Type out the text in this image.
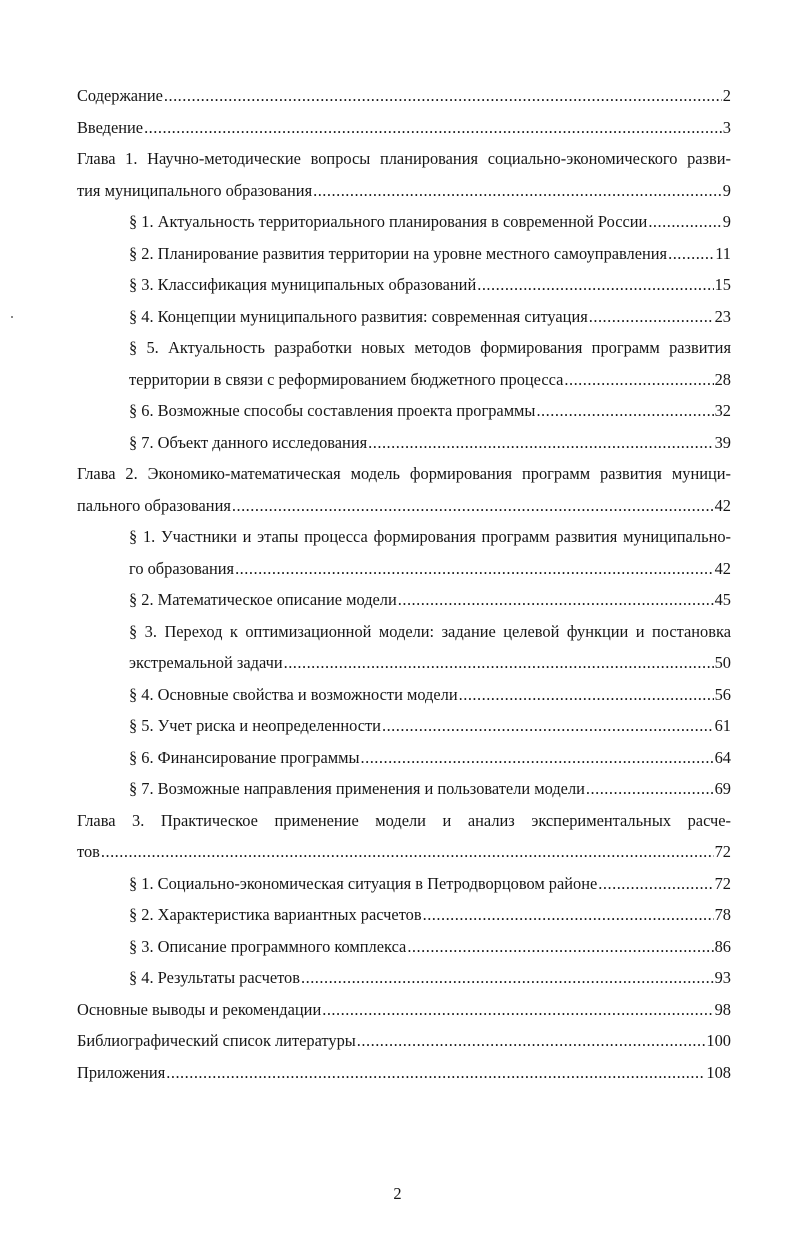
Содержание .....	2
Введение .....	3
Глава 1. Научно-методические вопросы планирования социально-экономического разви-
тия муниципального образования .....	9
§ 1. Актуальность территориального планирования в современной России .....	9
§ 2. Планирование развития территории на уровне местного самоуправления .....	11
§ 3. Классификация муниципальных образований .....	15
§ 4. Концепции муниципального развития: современная ситуация .....	23
§ 5. Актуальность разработки новых методов формирования программ развития
территории в связи с реформированием бюджетного процесса .....	28
§ 6. Возможные способы составления проекта программы .....	32
§ 7. Объект данного исследования .....	39
Глава 2. Экономико-математическая модель формирования программ развития муници-
пального образования .....	42
§ 1. Участники и этапы процесса формирования программ развития муниципально-
го образования .....	42
§ 2. Математическое описание модели .....	45
§ 3. Переход к оптимизационной модели: задание целевой функции и постановка
экстремальной задачи .....	50
§ 4. Основные свойства и возможности модели .....	56
§ 5. Учет риска и неопределенности .....	61
§ 6. Финансирование программы .....	64
§ 7. Возможные направления применения и пользователи модели .....	69
Глава 3. Практическое применение модели и анализ экспериментальных расче-
тов .....	72
§ 1. Социально-экономическая ситуация в Петродворцовом районе .....	72
§ 2. Характеристика вариантных расчетов .....	78
§ 3. Описание программного комплекса .....	86
§ 4. Результаты расчетов .....	93
Основные выводы и рекомендации .....	98
Библиографический список литературы .....	100
Приложения .....	108
2
